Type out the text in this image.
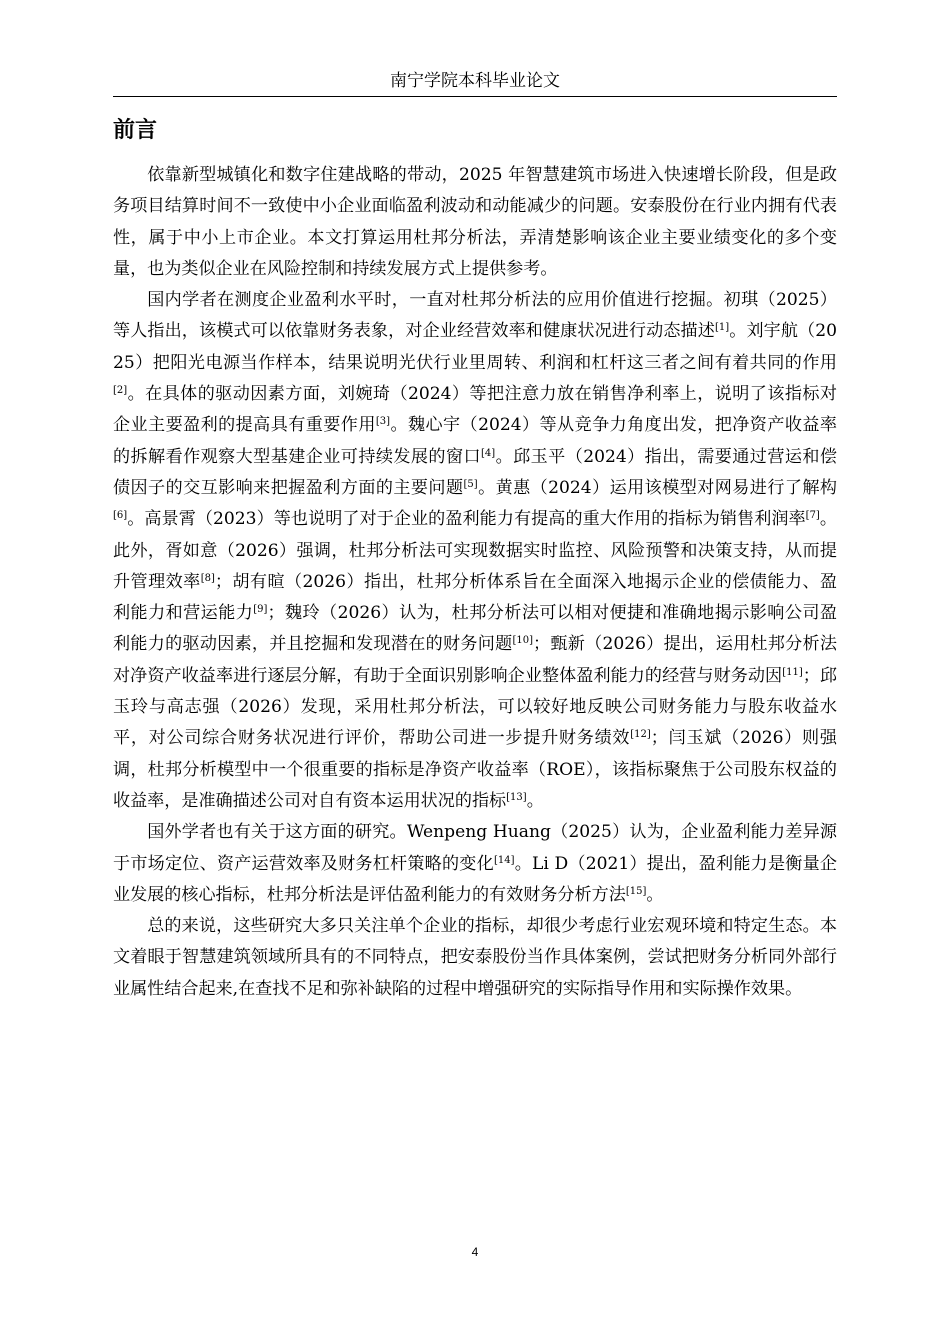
南宁学院本科毕业论文
前言

依靠新型城镇化和数字住建战略的带动，2025 年智慧建筑市场进入快速增长阶段，但是政务项目结算时间不一致使中小企业面临盈利波动和动能减少的问题。安泰股份在行业内拥有代表性，属于中小上市企业。本文打算运用杜邦分析法，弄清楚影响该企业主要业绩变化的多个变量，也为类似企业在风险控制和持续发展方式上提供参考。

国内学者在测度企业盈利水平时，一直对杜邦分析法的应用价值进行挖掘。初琪（2025）等人指出，该模式可以依靠财务表象，对企业经营效率和健康状况进行动态描述[1]。刘宇航（2025）把阳光电源当作样本，结果说明光伏行业里周转、利润和杠杆这三者之间有着共同的作用[2]。在具体的驱动因素方面，刘婉琦（2024）等把注意力放在销售净利率上，说明了该指标对企业主要盈利的提高具有重要作用[3]。魏心宇（2024）等从竞争力角度出发，把净资产收益率的拆解看作观察大型基建企业可持续发展的窗口[4]。邱玉平（2024）指出，需要通过营运和偿债因子的交互影响来把握盈利方面的主要问题[5]。黄惠（2024）运用该模型对网易进行了解构[6]。高景霄（2023）等也说明了对于企业的盈利能力有提高的重大作用的指标为销售利润率[7]。此外，胥如意（2026）强调，杜邦分析法可实现数据实时监控、风险预警和决策支持，从而提升管理效率[8]；胡有暄（2026）指出，杜邦分析体系旨在全面深入地揭示企业的偿债能力、盈利能力和营运能力[9]；魏玲（2026）认为，杜邦分析法可以相对便捷和准确地揭示影响公司盈利能力的驱动因素，并且挖掘和发现潜在的财务问题[10]；甄新（2026）提出，运用杜邦分析法对净资产收益率进行逐层分解，有助于全面识别影响企业整体盈利能力的经营与财务动因[11]；邱玉玲与高志强（2026）发现，采用杜邦分析法，可以较好地反映公司财务能力与股东收益水平，对公司综合财务状况进行评价，帮助公司进一步提升财务绩效[12]；闫玉斌（2026）则强调，杜邦分析模型中一个很重要的指标是净资产收益率（ROE），该指标聚焦于公司股东权益的收益率，是准确描述公司对自有资本运用状况的指标[13]。

国外学者也有关于这方面的研究。Wenpeng Huang（2025）认为，企业盈利能力差异源于市场定位、资产运营效率及财务杠杆策略的变化[14]。Li D（2021）提出，盈利能力是衡量企业发展的核心指标，杜邦分析法是评估盈利能力的有效财务分析方法[15]。

总的来说，这些研究大多只关注单个企业的指标，却很少考虑行业宏观环境和特定生态。本文着眼于智慧建筑领域所具有的不同特点，把安泰股份当作具体案例，尝试把财务分析同外部行业属性结合起来,在查找不足和弥补缺陷的过程中增强研究的实际指导作用和实际操作效果。

4
